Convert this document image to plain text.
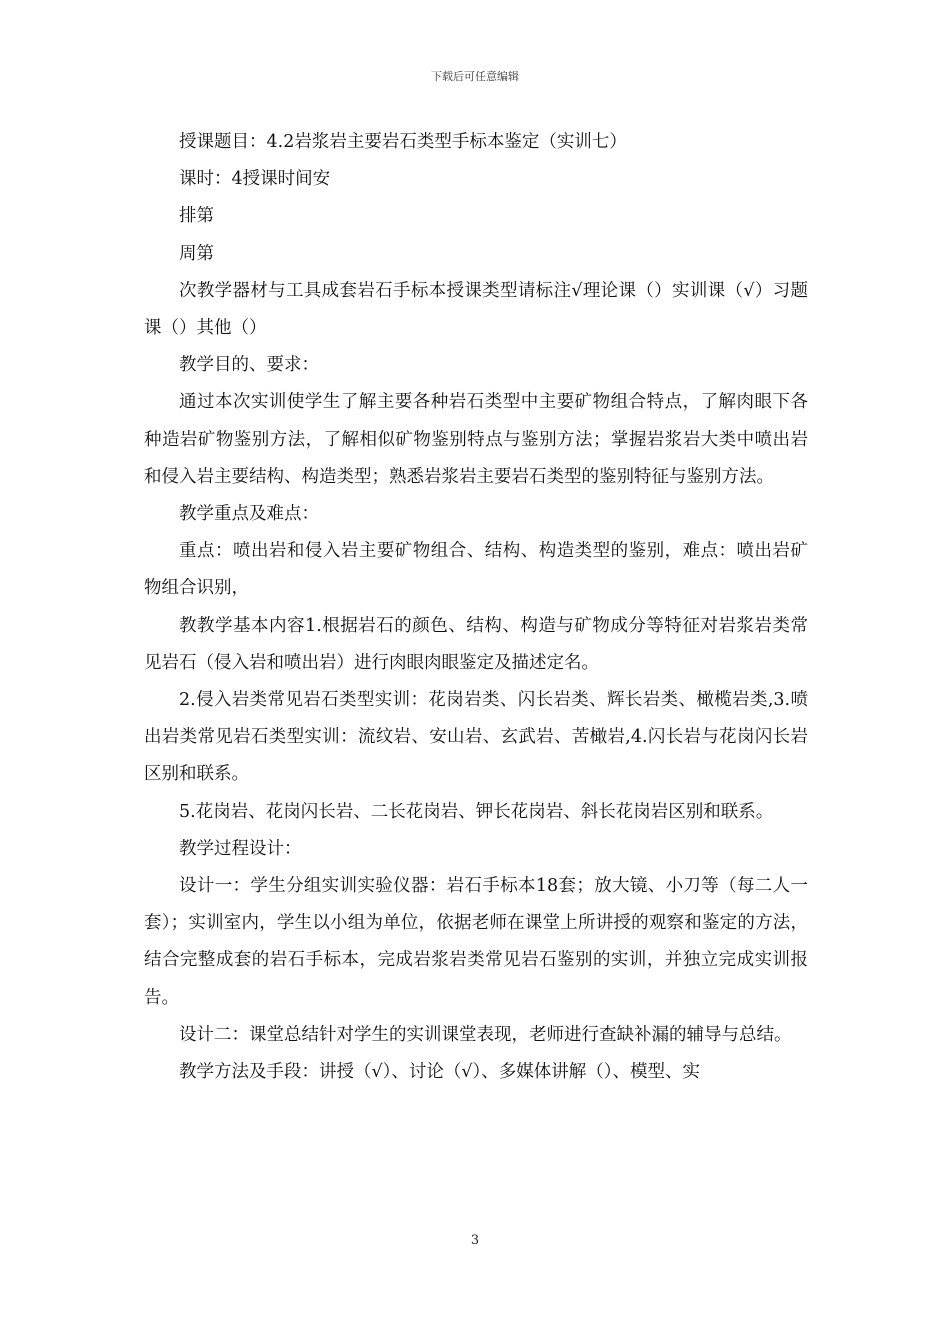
下载后可任意编辑

授课题目：4.2岩浆岩主要岩石类型手标本鉴定（实训七）

课时：4授课时间安

排第

周第

次教学器材与工具成套岩石手标本授课类型请标注√理论课（）实训课（√）习题课（）其他（）

教学目的、要求：

通过本次实训使学生了解主要各种岩石类型中主要矿物组合特点，了解肉眼下各种造岩矿物鉴别方法，了解相似矿物鉴别特点与鉴别方法；掌握岩浆岩大类中喷出岩和侵入岩主要结构、构造类型；熟悉岩浆岩主要岩石类型的鉴别特征与鉴别方法。

教学重点及难点：

重点：喷出岩和侵入岩主要矿物组合、结构、构造类型的鉴别，难点：喷出岩矿物组合识别，

教教学基本内容1.根据岩石的颜色、结构、构造与矿物成分等特征对岩浆岩类常见岩石（侵入岩和喷出岩）进行肉眼肉眼鉴定及描述定名。

2.侵入岩类常见岩石类型实训：花岗岩类、闪长岩类、辉长岩类、橄榄岩类,3.喷出岩类常见岩石类型实训：流纹岩、安山岩、玄武岩、苦橄岩,4.闪长岩与花岗闪长岩区别和联系。

5.花岗岩、花岗闪长岩、二长花岗岩、钾长花岗岩、斜长花岗岩区别和联系。

教学过程设计：

设计一：学生分组实训实验仪器：岩石手标本18套；放大镜、小刀等（每二人一套）；实训室内，学生以小组为单位，依据老师在课堂上所讲授的观察和鉴定的方法，结合完整成套的岩石手标本，完成岩浆岩类常见岩石鉴别的实训，并独立完成实训报告。

设计二：课堂总结针对学生的实训课堂表现，老师进行查缺补漏的辅导与总结。

教学方法及手段：讲授（√）、讨论（√）、多媒体讲解（）、模型、实

3
